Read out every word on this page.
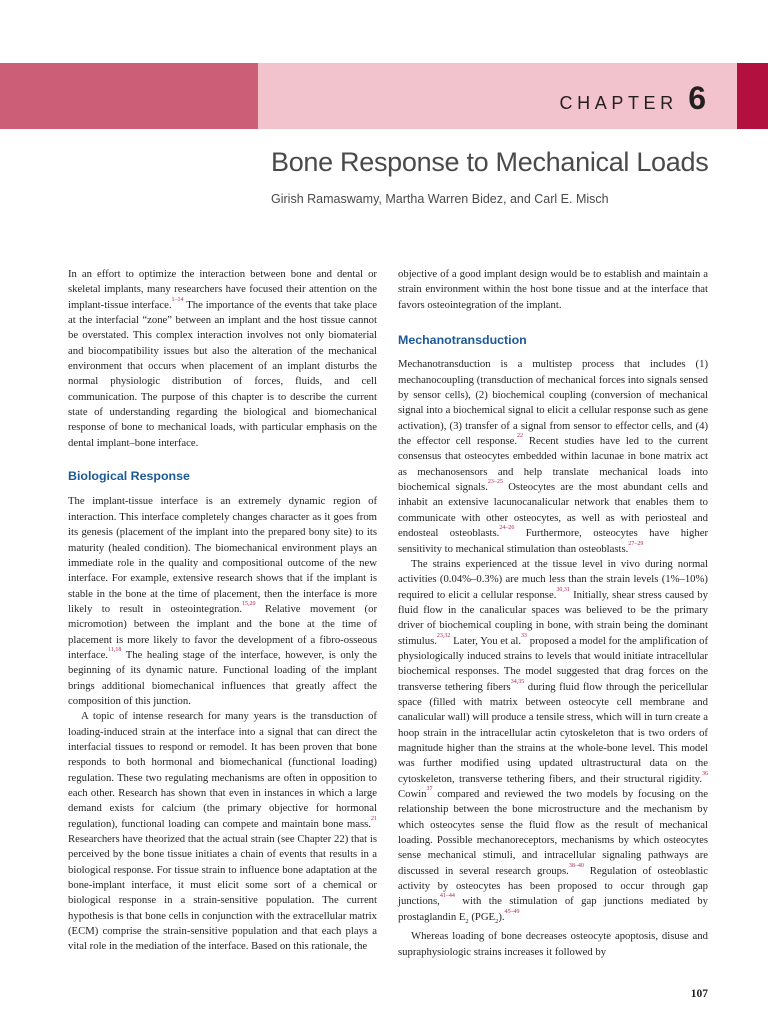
CHAPTER 6
Bone Response to Mechanical Loads
Girish Ramaswamy, Martha Warren Bidez, and Carl E. Misch

In an effort to optimize the interaction between bone and dental or skeletal implants, many researchers have focused their attention on the implant-tissue interface.$^{1-14}$ The importance of the events that take place at the interfacial “zone” between an implant and the host tissue cannot be overstated. This complex interaction involves not only biomaterial and biocompatibility issues but also the alteration of the mechanical environment that occurs when placement of an implant disturbs the normal physiologic distribution of forces, fluids, and cell communication. The purpose of this chapter is to describe the current state of understanding regarding the biological and biomechanical response of bone to mechanical loads, with particular emphasis on the dental implant–bone interface.

Biological Response

The implant-tissue interface is an extremely dynamic region of interaction. This interface completely changes character as it goes from its genesis (placement of the implant into the prepared bony site) to its maturity (healed condition). The biomechanical environment plays an immediate role in the quality and compositional outcome of the new interface. For example, extensive research shows that if the implant is stable in the bone at the time of placement, then the interface is more likely to result in osteointegration.$^{15,20}$ Relative movement (or micromotion) between the implant and the bone at the time of placement is more likely to favor the development of a fibro-osseous interface.$^{11,18}$ The healing stage of the interface, however, is only the beginning of its dynamic nature. Functional loading of the implant brings additional biomechanical influences that greatly affect the composition of this junction.

A topic of intense research for many years is the transduction of loading-induced strain at the interface into a signal that can direct the interfacial tissues to respond or remodel. It has been proven that bone responds to both hormonal and biomechanical (functional loading) regulation. These two regulating mechanisms are often in opposition to each other. Research has shown that even in instances in which a large demand exists for calcium (the primary objective for hormonal regulation), functional loading can compete and maintain bone mass.$^{21}$ Researchers have theorized that the actual strain (see Chapter 22) that is perceived by the bone tissue initiates a chain of events that results in a biological response. For tissue strain to influence bone adaptation at the bone-implant interface, it must elicit some sort of a chemical or biological response in a strain-sensitive population. The current hypothesis is that bone cells in conjunction with the extracellular matrix (ECM) comprise the strain-sensitive population and that each plays a vital role in the mediation of the interface. Based on this rationale, the

objective of a good implant design would be to establish and maintain a strain environment within the host bone tissue and at the interface that favors osteointegration of the implant.

Mechanotransduction

Mechanotransduction is a multistep process that includes (1) mechanocoupling (transduction of mechanical forces into signals sensed by sensor cells), (2) biochemical coupling (conversion of mechanical signal into a biochemical signal to elicit a cellular response such as gene activation), (3) transfer of a signal from sensor to effector cells, and (4) the effector cell response.$^{22}$ Recent studies have led to the current consensus that osteocytes embedded within lacunae in bone matrix act as mechanosensors and help translate mechanical loads into biochemical signals.$^{23-25}$ Osteocytes are the most abundant cells and inhabit an extensive lacunocanalicular network that enables them to communicate with other osteocytes, as well as with periosteal and endosteal osteoblasts.$^{24-26}$ Furthermore, osteocytes have higher sensitivity to mechanical stimulation than osteoblasts.$^{27-29}$

The strains experienced at the tissue level in vivo during normal activities (0.04%–0.3%) are much less than the strain levels (1%–10%) required to elicit a cellular response.$^{30,31}$ Initially, shear stress caused by fluid flow in the canalicular spaces was believed to be the primary driver of biochemical coupling in bone, with strain being the dominant stimulus.$^{23,32}$ Later, You et al.$^{33}$ proposed a model for the amplification of physiologically induced strains to levels that would initiate intracellular biochemical responses. The model suggested that drag forces on the transverse tethering fibers$^{34,35}$ during fluid flow through the pericellular space (filled with matrix between osteocyte cell membrane and canalicular wall) will produce a tensile stress, which will in turn create a hoop strain in the intracellular actin cytoskeleton that is two orders of magnitude higher than the strains at the whole-bone level. This model was further modified using updated ultrastructural data on the cytoskeleton, transverse tethering fibers, and their structural rigidity.$^{36}$ Cowin$^{37}$ compared and reviewed the two models by focusing on the relationship between the bone microstructure and the mechanism by which osteocytes sense the fluid flow as the result of mechanical loading. Possible mechanoreceptors, mechanisms by which osteocytes sense mechanical stimuli, and intracellular signaling pathways are discussed in several research groups.$^{38-40}$ Regulation of osteoblastic activity by osteocytes has been proposed to occur through gap junctions,$^{41-44}$ with the stimulation of gap junctions mediated by prostaglandin $E_2$ $(PGE_2).^{45-49}$

Whereas loading of bone decreases osteocyte apoptosis, disuse and supraphysiologic strains increases it followed by

107
